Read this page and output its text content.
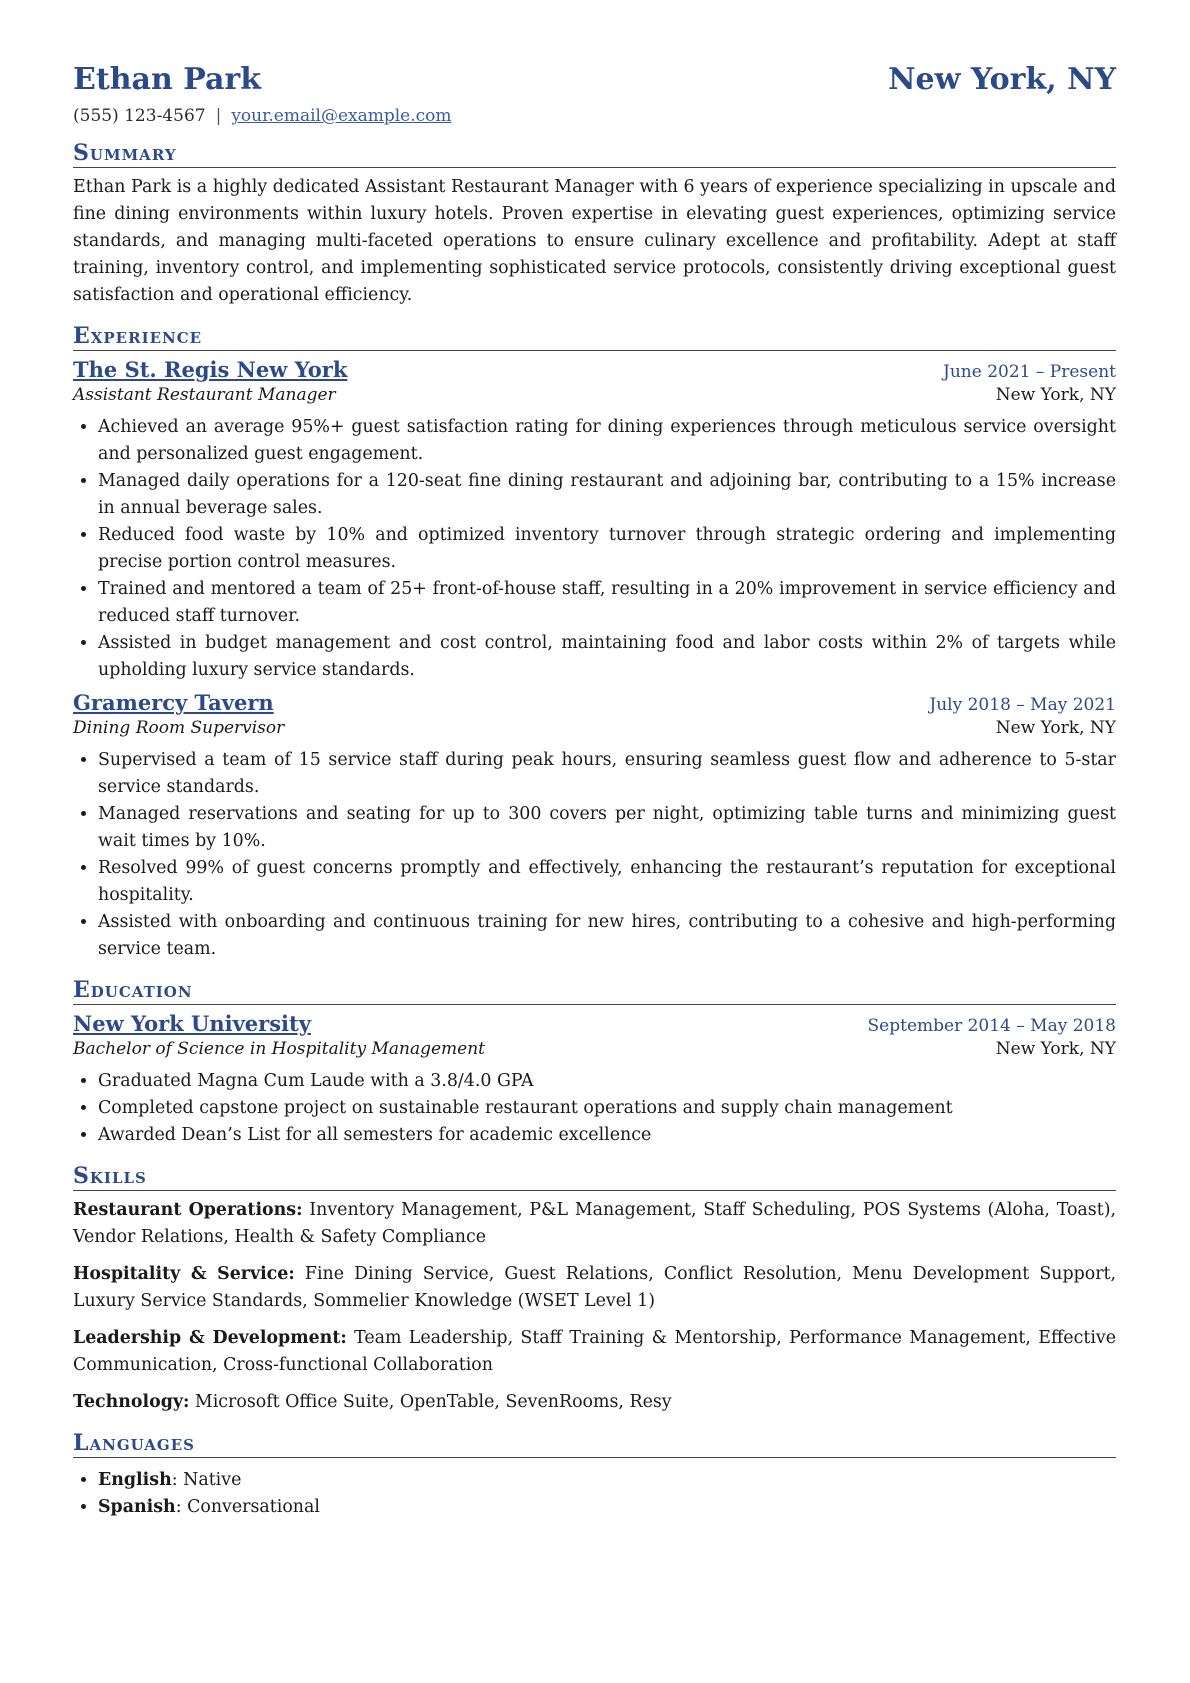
Ethan Park	New York, NY
(555) 123-4567 | your.email@example.com
Summary
Ethan Park is a highly dedicated Assistant Restaurant Manager with 6 years of experience specializing in upscale and fine dining environments within luxury hotels. Proven expertise in elevating guest experiences, optimizing service standards, and managing multi-faceted operations to ensure culinary excellence and profitability. Adept at staff training, inventory control, and implementing sophisticated service protocols, consistently driving exceptional guest satisfaction and operational efficiency.
Experience
The St. Regis New York	June 2021 – Present
Assistant Restaurant Manager	New York, NY
• Achieved an average 95%+ guest satisfaction rating for dining experiences through meticulous service oversight and personalized guest engagement.
• Managed daily operations for a 120-seat fine dining restaurant and adjoining bar, contributing to a 15% increase in annual beverage sales.
• Reduced food waste by 10% and optimized inventory turnover through strategic ordering and implementing precise portion control measures.
• Trained and mentored a team of 25+ front-of-house staff, resulting in a 20% improvement in service efficiency and reduced staff turnover.
• Assisted in budget management and cost control, maintaining food and labor costs within 2% of targets while upholding luxury service standards.
Gramercy Tavern	July 2018 – May 2021
Dining Room Supervisor	New York, NY
• Supervised a team of 15 service staff during peak hours, ensuring seamless guest flow and adherence to 5-star service standards.
• Managed reservations and seating for up to 300 covers per night, optimizing table turns and minimizing guest wait times by 10%.
• Resolved 99% of guest concerns promptly and effectively, enhancing the restaurant’s reputation for exceptional hospitality.
• Assisted with onboarding and continuous training for new hires, contributing to a cohesive and high-performing service team.
Education
New York University	September 2014 – May 2018
Bachelor of Science in Hospitality Management	New York, NY
• Graduated Magna Cum Laude with a 3.8/4.0 GPA
• Completed capstone project on sustainable restaurant operations and supply chain management
• Awarded Dean’s List for all semesters for academic excellence
Skills
Restaurant Operations: Inventory Management, P&L Management, Staff Scheduling, POS Systems (Aloha, Toast), Vendor Relations, Health & Safety Compliance
Hospitality & Service: Fine Dining Service, Guest Relations, Conflict Resolution, Menu Development Support, Luxury Service Standards, Sommelier Knowledge (WSET Level 1)
Leadership & Development: Team Leadership, Staff Training & Mentorship, Performance Management, Effective Communication, Cross-functional Collaboration
Technology: Microsoft Office Suite, OpenTable, SevenRooms, Resy
Languages
• English: Native
• Spanish: Conversational
